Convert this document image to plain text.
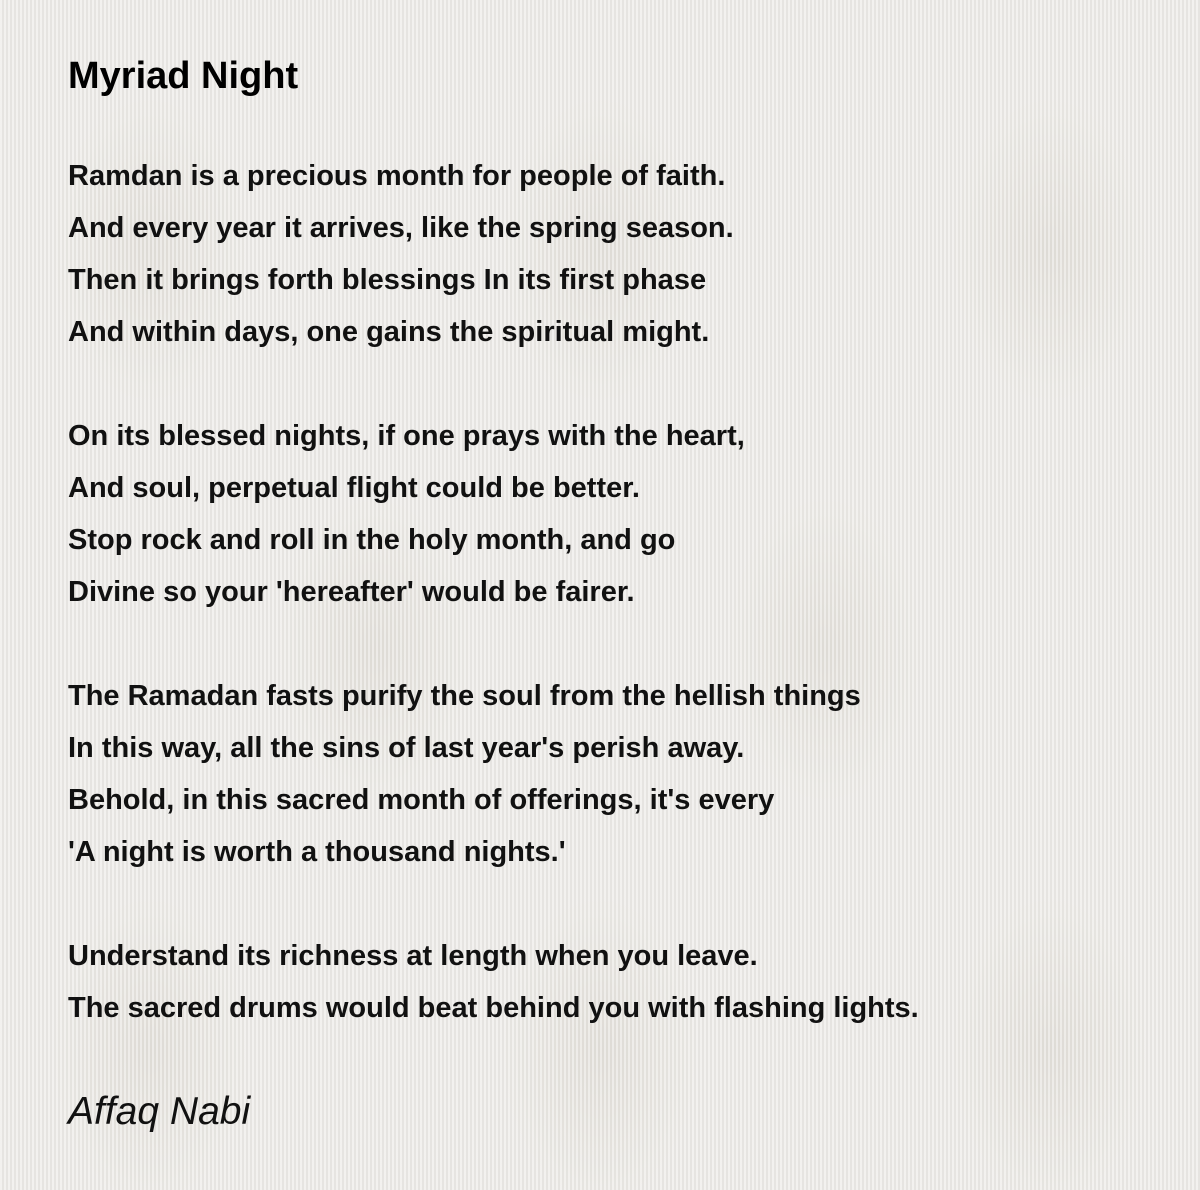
Myriad Night
Ramdan is a precious month for people of faith.
And every year it arrives, like the spring season.
Then it brings forth blessings In its first phase
And within days, one gains the spiritual might.
On its blessed nights, if one prays with the heart,
And soul, perpetual flight could be better.
Stop rock and roll in the holy month, and go
Divine so your 'hereafter' would be fairer.
The Ramadan fasts purify the soul from the hellish things
In this way, all the sins of last year's perish away.
Behold, in this sacred month of offerings, it's every
'A night is worth a thousand nights.'
Understand its richness at length when you leave.
The sacred drums would beat behind you with flashing lights.
Affaq Nabi
